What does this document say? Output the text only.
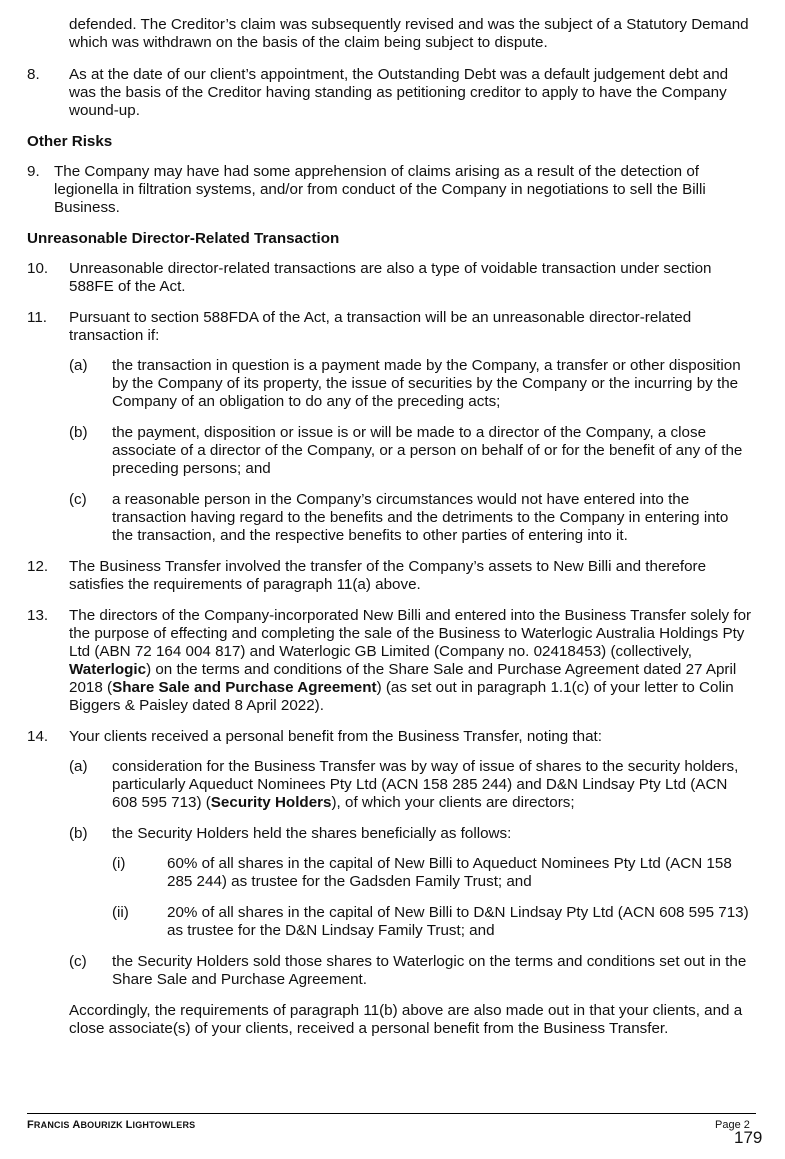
defended. The Creditor’s claim was subsequently revised and was the subject of a Statutory Demand which was withdrawn on the basis of the claim being subject to dispute.

8. As at the date of our client’s appointment, the Outstanding Debt was a default judgement debt and was the basis of the Creditor having standing as petitioning creditor to apply to have the Company wound-up.

Other Risks
9. The Company may have had some apprehension of claims arising as a result of the detection of legionella in filtration systems, and/or from conduct of the Company in negotiations to sell the Billi Business.

Unreasonable Director-Related Transaction
10. Unreasonable director-related transactions are also a type of voidable transaction under section 588FE of the Act.

11. Pursuant to section 588FDA of the Act, a transaction will be an unreasonable director-related transaction if:

(a) the transaction in question is a payment made by the Company, a transfer or other disposition by the Company of its property, the issue of securities by the Company or the incurring by the Company of an obligation to do any of the preceding acts;

(b) the payment, disposition or issue is or will be made to a director of the Company, a close associate of a director of the Company, or a person on behalf of or for the benefit of any of the preceding persons; and

(c) a reasonable person in the Company’s circumstances would not have entered into the transaction having regard to the benefits and the detriments to the Company in entering into the transaction, and the respective benefits to other parties of entering into it.

12. The Business Transfer involved the transfer of the Company’s assets to New Billi and therefore satisfies the requirements of paragraph 11(a) above.

13. The directors of the Company-incorporated New Billi and entered into the Business Transfer solely for the purpose of effecting and completing the sale of the Business to Waterlogic Australia Holdings Pty Ltd (ABN 72 164 004 817) and Waterlogic GB Limited (Company no. 02418453) (collectively, Waterlogic) on the terms and conditions of the Share Sale and Purchase Agreement dated 27 April 2018 (Share Sale and Purchase Agreement) (as set out in paragraph 1.1(c) of your letter to Colin Biggers & Paisley dated 8 April 2022).

14. Your clients received a personal benefit from the Business Transfer, noting that:

(a) consideration for the Business Transfer was by way of issue of shares to the security holders, particularly Aqueduct Nominees Pty Ltd (ACN 158 285 244) and D&N Lindsay Pty Ltd (ACN 608 595 713) (Security Holders), of which your clients are directors;

(b) the Security Holders held the shares beneficially as follows:

(i)	60% of all shares in the capital of New Billi to Aqueduct Nominees Pty Ltd (ACN 158 285 244) as trustee for the Gadsden Family Trust; and

(ii)	20% of all shares in the capital of New Billi to D&N Lindsay Pty Ltd (ACN 608 595 713) as trustee for the D&N Lindsay Family Trust; and

(c) the Security Holders sold those shares to Waterlogic on the terms and conditions set out in the Share Sale and Purchase Agreement.

Accordingly, the requirements of paragraph 11(b) above are also made out in that your clients, and a close associate(s) of your clients, received a personal benefit from the Business Transfer.

FRANCIS ABOURIZK LIGHTOWLERS	Page 2
179
